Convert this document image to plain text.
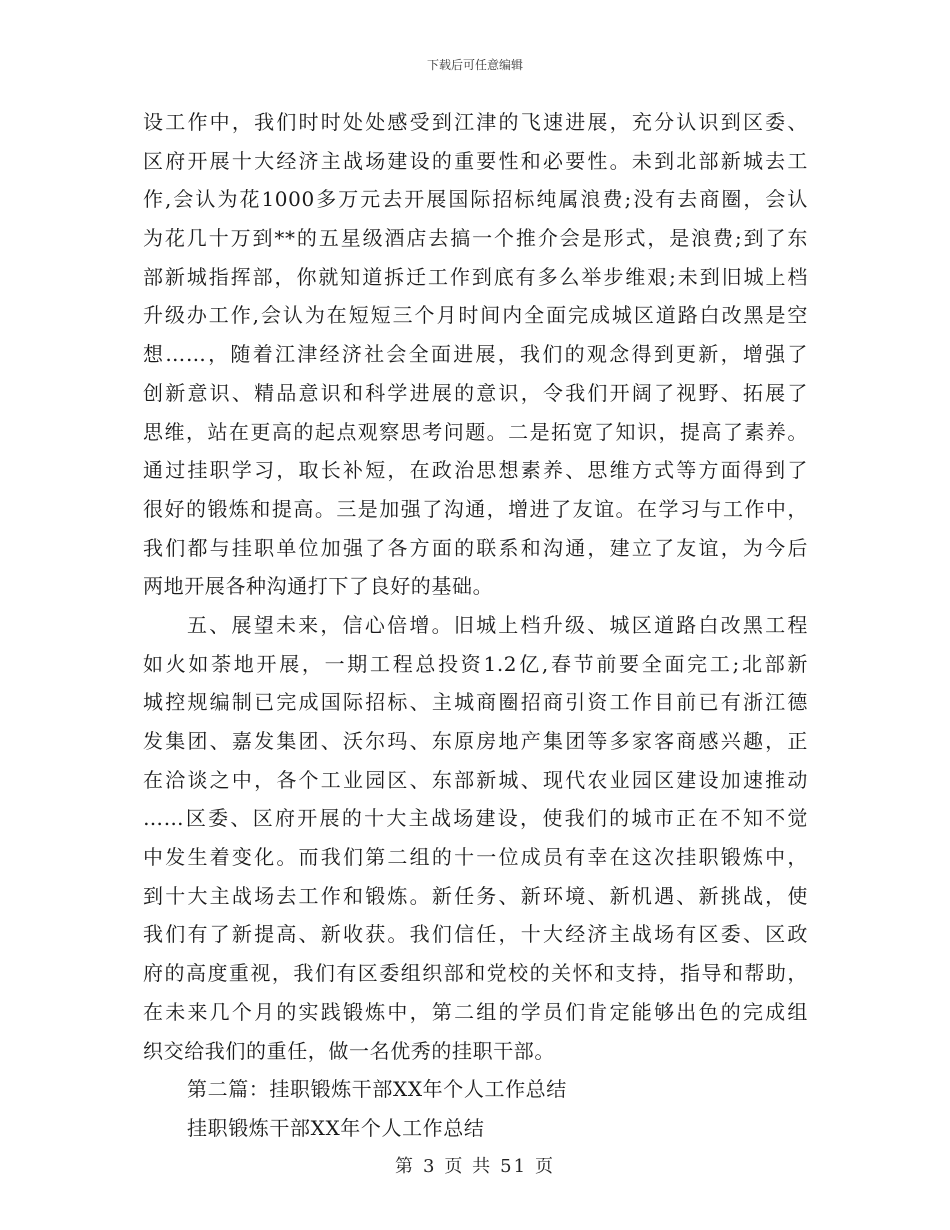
下载后可任意编辑
设工作中，我们时时处处感受到江津的飞速进展，充分认识到区委、
区府开展十大经济主战场建设的重要性和必要性。未到北部新城去工
作,会认为花1000多万元去开展国际招标纯属浪费;没有去商圈，会认
为花几十万到**的五星级酒店去搞一个推介会是形式，是浪费;到了东
部新城指挥部，你就知道拆迁工作到底有多么举步维艰;未到旧城上档
升级办工作,会认为在短短三个月时间内全面完成城区道路白改黑是空
想……，随着江津经济社会全面进展，我们的观念得到更新，增强了
创新意识、精品意识和科学进展的意识，令我们开阔了视野、拓展了
思维，站在更高的起点观察思考问题。二是拓宽了知识，提高了素养。
通过挂职学习，取长补短，在政治思想素养、思维方式等方面得到了
很好的锻炼和提高。三是加强了沟通，增进了友谊。在学习与工作中，
我们都与挂职单位加强了各方面的联系和沟通，建立了友谊，为今后
两地开展各种沟通打下了良好的基础。
五、展望未来，信心倍增。旧城上档升级、城区道路白改黑工程
如火如荼地开展，一期工程总投资1.2亿,春节前要全面完工;北部新
城控规编制已完成国际招标、主城商圈招商引资工作目前已有浙江德
发集团、嘉发集团、沃尔玛、东原房地产集团等多家客商感兴趣，正
在洽谈之中，各个工业园区、东部新城、现代农业园区建设加速推动
……区委、区府开展的十大主战场建设，使我们的城市正在不知不觉
中发生着变化。而我们第二组的十一位成员有幸在这次挂职锻炼中，
到十大主战场去工作和锻炼。新任务、新环境、新机遇、新挑战，使
我们有了新提高、新收获。我们信任，十大经济主战场有区委、区政
府的高度重视，我们有区委组织部和党校的关怀和支持，指导和帮助，
在未来几个月的实践锻炼中，第二组的学员们肯定能够出色的完成组
织交给我们的重任，做一名优秀的挂职干部。
第二篇：挂职锻炼干部XX年个人工作总结
挂职锻炼干部XX年个人工作总结
第 3 页 共 51 页
